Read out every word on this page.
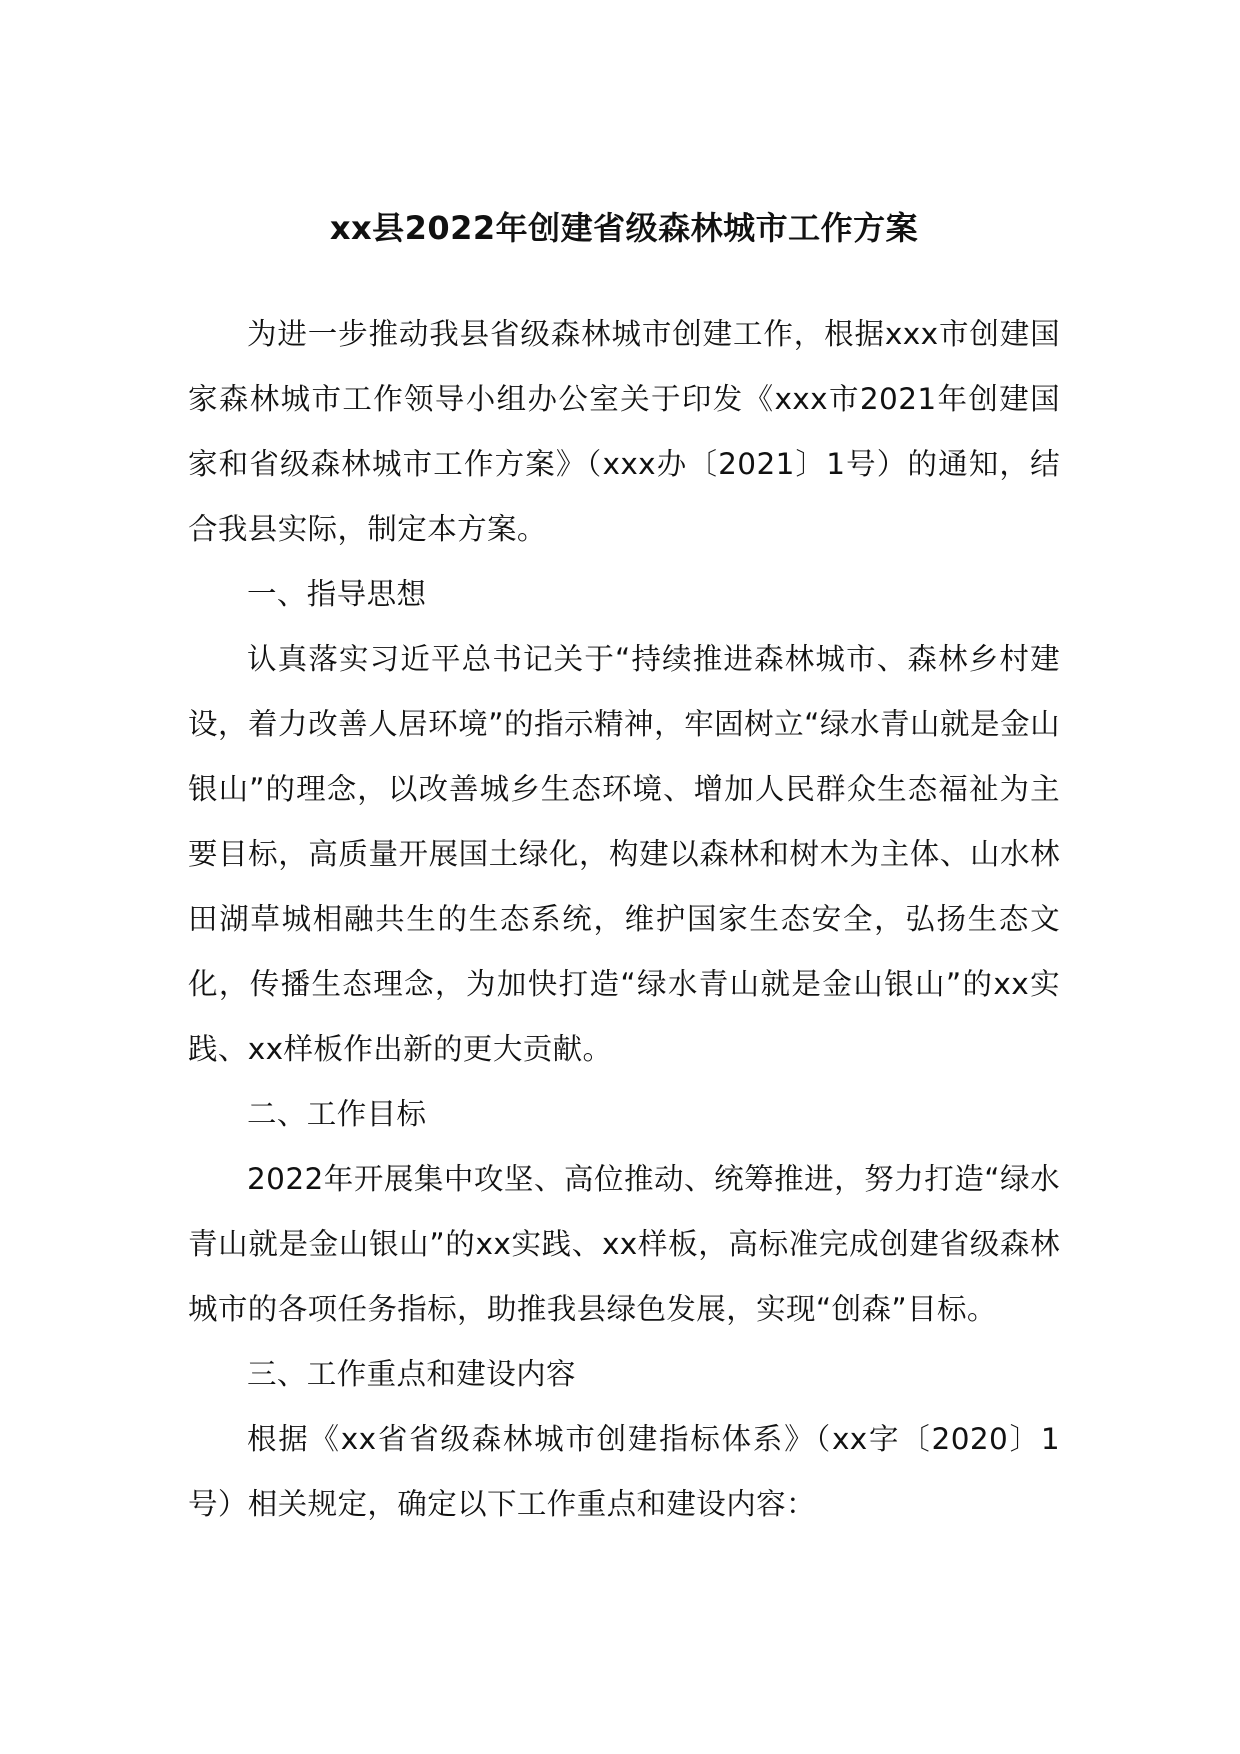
xx县2022年创建省级森林城市工作方案

为进一步推动我县省级森林城市创建工作，根据xxx市创建国家森林城市工作领导小组办公室关于印发《xxx市2021年创建国家和省级森林城市工作方案》（xxx办〔2021〕1号）的通知，结合我县实际，制定本方案。

一、指导思想

认真落实习近平总书记关于“持续推进森林城市、森林乡村建设，着力改善人居环境”的指示精神，牢固树立“绿水青山就是金山银山”的理念，以改善城乡生态环境、增加人民群众生态福祉为主要目标，高质量开展国土绿化，构建以森林和树木为主体、山水林田湖草城相融共生的生态系统，维护国家生态安全，弘扬生态文化，传播生态理念，为加快打造“绿水青山就是金山银山”的xx实践、xx样板作出新的更大贡献。

二、工作目标

2022年开展集中攻坚、高位推动、统筹推进，努力打造“绿水青山就是金山银山”的xx实践、xx样板，高标准完成创建省级森林城市的各项任务指标，助推我县绿色发展，实现“创森”目标。

三、工作重点和建设内容

根据《xx省省级森林城市创建指标体系》（xx字〔2020〕1号）相关规定，确定以下工作重点和建设内容：
